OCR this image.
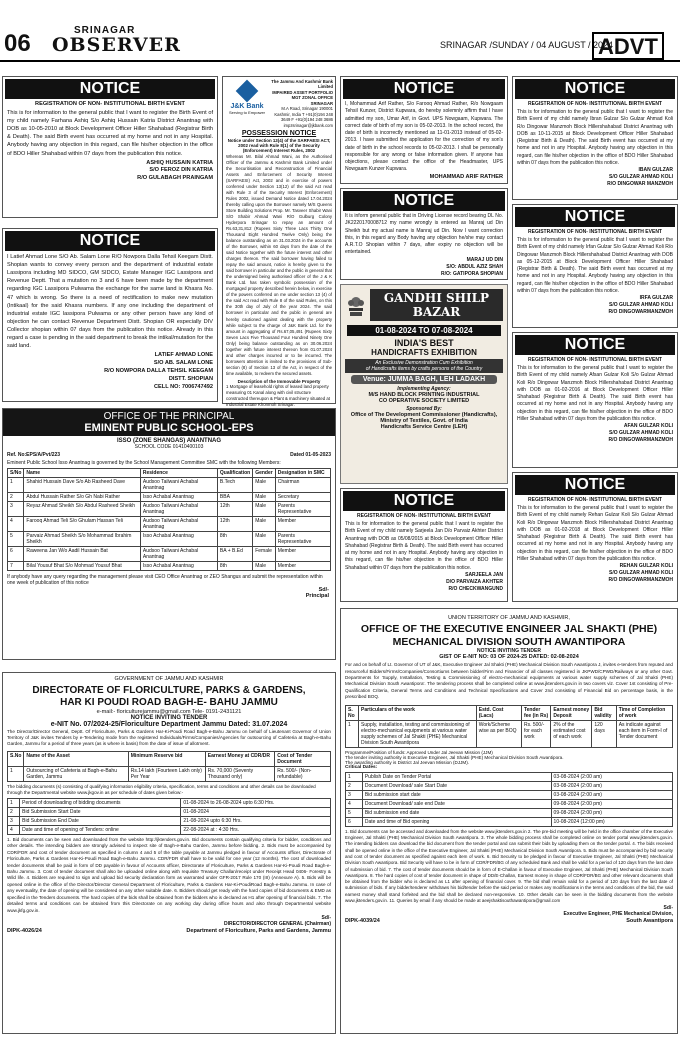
06	SRINAGAR
OBSERVER	SRINAGAR /SUNDAY / 04 AUGUST / 2024
ADVT
NOTICE
REGISTRATION OF NON- INSTITUTIONAL BIRTH EVENT
This is for information to the general public that I want to register the Birth Event of my child namely Farhana Ashiq S/o Ashiq Hussain Katria District Anantnag with DOB as 10-05-2010 at Block Development Officer Hiller Shahabad (Registrar Birth & Death). The said Birth event has occurred at my home and not in any Hospital. Anybody having any objection in this regard, can file his/her objection in the office of BDO Hiller Shahabad within 07 days from the publication this notice.
ASHIQ HUSSAIN KATRIA
S/O FEROZ DIN KATRIA
R/O GULABAGH PRAINGAM
NOTICE
I Latief Ahmad Lone S/O Ab. Salam Lone R/O Nowpora Dalla Tehsil Keegam Distt. Shopian wants to convey every person and the department of industrial estate Lassipora including MD SIDCO, GM SIDCO, Estate Manager IGC Lassipora and Revenue Deptt. That a mutation no 3 and 6 have been made by the department regarding IGC Lassipora Pulwama the exchange for the same land is Khasra No. 47 which is wrong. So there is a need of rectification to make new mutation (Intikaal) for the said Khasra numbers. If any one including the department of industrial estate IGC lassipora Pulwama or any other person have any kind of objection he can contact Revenue Department Distt. Shopian OR especially DIV Collector shopian within 07 days from the publication this notice. Already in this regard a case is pending in the said department to break the intikal/mutation for the said land.
LATIEF AHMAD LONE
S/O AB. SALAM LONE
R/O NOWPORA DALLA TEHSIL KEEGAM
DISTT. SHOPIAN
CELL NO: 7006747492
J&K Bank
Serving to Empower
The Jammu And Kashmir Bank Limited
IMPAIRED ASSET PORTFOLIO MGT ZONAL OFFICE SRINAGAR
M.A Road, Srinagar 190001 Kashmir, India T +91(0)194 248 3649 F +91(0)194 248 3686 impzsrinagar@jkbank.com
POSSESSION NOTICE
Notice under Section 13(4) of the SARFAESI ACT, 2002 read with Rule 8(1) of the Security (Enforcement) Interest Rules, 2002
Whereas Mr. Bilal Ahmad Wani, as the Authorised Officer of the Jammu & Kashmir Bank Limited under the Securitisation and Reconstruction of Financial Assets and Enforcement of Security Interest (SARFAESI) Act, 2002 and in exercise of powers conferred under Section 13(12) of the said Act read with Rule 3 of the Security Interest (Enforcement) Rules 2002, issued Demand Notice dated 17.04.2024 thereby calling upon the Borrower namely M/S Queens Store Building Solutions Prop. Mr. Tasveer Shabir Wani S/O Shabir Ahmad Wani R/O Gulburg Colony Hyderpora Srinagar to repay an amount of Rs.63,31,812 (Rupees Sixty Three Lacs Thirty One Thousand Eight Hundred Twelve Only) being the balance outstanding as on 31.03.2024 in the accounts of the Borrower, within 60 days from the date of the said Notice together with the future interest and other charges thereon. The said borrower having failed to repay the said amount, notice is hereby given to the said borrower in particular and the public in general that the undersigned being authorised officer of the J & K Bank Ltd. has taken symbolic possession of the mortgaged property described herein below, in exercise of the powers conferred on me under section 13 (4) of the said Act read with Rule 8 of the said Rules, on this the 30th day of July of the year 2024. The said borrower in particular and the public in general are hereby cautioned against dealing with the property while subject to the charge of J&K Bank Ltd. for the amount in aggregating of Rs.67,05,491 (Rupees Sixty Seven Lacs Five Thousand Four Hundred Ninety One Only) being balance outstanding as on 30.06.2024 together with future interest thereon from 01.07.2024 and other charges incurred or to be incurred. The borrowers attention is invited to the provisions of Sub-section (8) of Section 13 of the Act, in respect of the time available, to redeem the secured assets.
Description of the Immovable Property
1 Mortgage of leasehold rights of leased land property measuring 01 Kanal along with civil structure constructed thereupon & Plant & machinery situated at Industrial Estate Khonmoh Srinagar.
OFFICE OF THE PRINCIPAL
EMINENT PUBLIC SCHOOL-EPS
ISSO (ZONE SHANGAS) ANANTNAG
SCHOOL CODE 01410400103
Ref. No:EPS/A/Pvt/223	Dated 01-05-2023
Eminent Public School Isso Anantnag is governed by the School Management Committee SMC with the following Members:
S/No	Name	Residence	Qualification	Gender	Designation in SMC
1	Shahid Hussain Dave S/o Ab Rasheed Dave	Audsoo Tailwani Achabal Anantnag	B.Tech	Male	Chairman
2	Abdul Hussain Rather S/o Gh Nabi Rather	Isso Achabal Anantnag	BBA	Male	Secretary
3	Reyaz Ahmad Sheikh S/o Abdul Rasheed Sheikh	Audsoo Tailwani Achabal Anantnag	12th	Male	Parents Representative
4	Farooq Ahmad Teli S/o Ghulam Hassan Teli	Audsoo Tailwani Achabal Anantnag	12th	Male	Member
5	Parvaiz Ahmad Sheikh S/o Mohammad Ibrahim Sheikh	Isso Achabal Anantnag	8th	Male	Parents Representative
6	Raweena Jan W/o Aadil Hussain Bat	Audsoo Tailwani Achabal Anantnag	BA + B.Ed	Female	Member
7	Bilal Yousuf Bhat S/o Mohmad Yousuf Bhat	Isso Achabal Anantnag	8th	Male	Member
If anybody have any query regarding the management please visit CEO Office Anantnag or ZEO Shangus and submit the representation within one week of publication of this notice
Sd/-
Principal
GOVERNMENT OF JAMMU AND KASHMIR
DIRECTORATE OF FLORICULTURE, PARKS & GARDENS,
HAR KI POUDI ROAD BAGH-E- BAHU JAMMU
e-mail:- floriculturejammu@gmail.com Tele- 0191-2431121
NOTICE INVITING TENDER
e-NIT No. 07/2024-25/Floriculture Department Jammu Dated: 31.07.2024
The Director/Director General, Deptt. Of Floriculture, Parks & Gardens Har-Ki-Poudi Road Bagh-e-Bahu Jammu on behalf of Lieutenant Governor of Union Territory of J&K invites Tenders by e-Tendering mode from the registered Individuals/Firms/Companies/Agencies for outsourcing of Cafeteria at Bagh-e-Bahu Garden, Jammu for a period of three years (as is where is basis) from the date of issue of allotment.
S.No	Name of the Asset	Minimum Reserve bid	Earnest Money at CDR/DR	Cost of Tender Document
1	Outsourcing of Cafeteria at Bagh-e-Bahu Garden, Jammu	Rs.14 lakh (Fourteen Lakh only) Per Year	Rs. 70,000 (Seventy Thousand only)	Rs. 500/- (Non-refundable)
The bidding documents (s) consisting of qualifying information eligibility criteria, specification, terms and conditions and other details can be downloaded through the Departmental website www.jkgov.in as per schedule of dates given below:-
1	Period of downloading of bidding documents	01-08-2024 to 26-08-2024 upto 6:30 Hrs.
2	Bid Submission Start Date	01-08-2024
3	Bid Submission End Date	21-08-2024 upto 6:30 Hrs.
4	Date and time of opening of Tenders: online	22-08-2024 at : 4:30 Hrs.
1. Bid documents can be seen and downloaded from the website http://jktenders.gov.in. Bid documents contain qualifying criteria for bidder, conditions and other details. The intending bidders are strongly advised to inspect site of Bagh-e-Bahu Garden, Jammu before bidding. 2. Bids must be accompanied by CDR/FDR and cost of tender document as specified in column 4 and 5 of the table payable at Jammu pledged in favour of Accounts officer, Directorate of Floriculture, Parks & Gardens Har-Ki-Poudi Road Bagh-e-Bahu Jammu. CDR/FDR shall have to be valid for one year (12 months). The cost of downloaded tender documents shall be paid in form of DD payable in favour of Accounts officer, Directorate of Floriculture, Parks & Gardens Har-Ki-Poudi Road Bagh-e-Bahu Jammu. 3. Cost of tender document shall also be uploaded online along with requisite Treasury Challan/receipt under Receipt Head 0406- Forestry & Wild life. 4. Bidders are required to sign and upload bid security declaration form as warranted under GFR-2017 Rule 170 (III) (Annexure A). 5. Bids will be opened online in the office of the Director/Director General Department of Floriculture, Parks & Gardens Har-Ki-PoudiRoad Bagh-e-Bahu Jammu. In case of any eventuality, the date of opening will be considered on any other suitable date. 6. Bidders should get ready with the hard copies of bid documents & EMD as specified in the Tenders documents. The hard copies of the bids shall be obtained from the bidders who is declared as H1 after opening of financial bids. 7. The detailed terms and conditions can be obtained from this Directorate on any working day during office hours and also through Departmental website www.jkfg.gov.in.
Sd/-
DIRECTOR/DIRECTOR GENERAL (Chairman)
DIPK-4026/24	Department of Floriculture, Parks and Gardens, Jammu
NOTICE
I, Mohammad Arif Rather, S/o Farooq Ahmad Rather, R/o Nowgaam Tehsil Kunzer, District Kupwara, do hereby solemnly affirm that I have admitted my son, Umar Arif, in Govt. UPS Nowgaam, Kupwara. The correct date of birth of my son is 05-02-2013. In the school record, the date of birth is incorrectly mentioned as 11-01-2013 instead of 05-02-2013. I have submitted the application for the correction of my son's date of birth in the school records to 05-02-2013. I shall be personally responsible for any wrong or false information given. If anyone has objections, please contact the office of the Headmaster, UPS Nowgaam Kunzer Kupwara.
MOHAMMAD ARIF RATHER
NOTICE
It is inform general public that in Driving License record bearing DL No. JK2220170008712 my name wrongly is entered as Manraj ud Din Sheikh but my actual name is Manraj ud Din. Now I want correction this, in this regard any Body having any objection he/she may contact A.R.T.O Shopian within 7 days, after expiry no objection will be entertained.
MARAJ UD DIN
S/O: ABDUL AZIZ SHAH
R/O: GATIPORA SHOPIAN
GANDHI SHILP
BAZAR
01-08-2024 TO 07-08-2024
INDIA'S BEST
HANDICRAFTS EXHIBITION
An Exclusive Demonstration Cum Exhibition
of Handicrafts items by crafts persons of the Country
Venue: JUMMA BAGH, LEH LADAKH
Implementing Agency:
M/S HAND BLOCK PRINTING INDUSTRIAL
CO OPERATIVE SOCIETY LIMITED
Sponsored By:
Office of The Development Commissioner (Handicrafts),
Ministry of Textiles, Govt. of India
Handicrafts Service Centre (LEH)
NOTICE
REGISTRATION OF NON- INSTITUTIONAL BIRTH EVENT
This is for information to the general public that I want to register the Birth Event of my child namely Sarjeela Jan D/o Parvaiz Akhter District Anantnag with DOB as 05/08/2015 at Block Development Officer Hiller Shahabad (Registrar Birth & Death). The said Birth event has occurred at my home and not in any Hospital. Anybody having any objection in this regard, can file his/her objection in the office of BDO Hiller Shahabad within 07 days from the publication this notice.
SARJEELA JAN
D/O PARVAIZA AKHTER
R/O CHECKWANGUND
NOTICE
REGISTRATION OF NON- INSTITUTIONAL BIRTH EVENT
This is for information to the general public that I want to register the Birth Event of my child namely Ibran Gulzar S/o Gulzar Ahmad Koli R/o Dingowar Manzmoh Block Hillershahabad District Anantnag with DOB as 10-11-2015 at Block Development Officer Hiller Shahabad (Registrar Birth & Death). The said Birth event has occurred at my home and not in any Hospital. Anybody having any objection in this regard, can file his/her objection in the office of BDO Hiller Shahabad within 07 days from the publication this notice.
IBAN GULZAR
S/O GULZAR AHMAD KOLI
R/O DINGOWAR MANZMOH
NOTICE
REGISTRATION OF NON- INSTITUTIONAL BIRTH EVENT
This is for information to the general public that I want to register the Birth Event of my child namely Irfan Gulzar S/o Gulzar Ahmad Koli R/o Dingowar Manzmoh Block Hillershahabad District Anantnag with DOB as 05-12-2015 at Block Development Officer Hiller Shahabad (Registrar Birth & Death). The said Birth event has occurred at my home and not in any Hospital. Anybody having any objection in this regard, can file his/her objection in the office of BDO Hiller Shahabad within 07 days from the publication this notice.
IRFA GULZAR
S/O GULZAR AHMAD KOLI
R/O DINGOWARMANZMOH
NOTICE
REGISTRATION OF NON- INSTITUTIONAL BIRTH EVENT
This is for information to the general public that I want to register the Birth Event of my child namely Afsan Gulzar Koli S/o Gulzar Ahmad Koli R/o Dingowar Manzmoh Block Hillershahabad District Anantnag with DOB as 01-02-2016 at Block Development Officer Hiller Shahabad (Registrar Birth & Death). The said Birth event has occurred at my home and not in any Hospital. Anybody having any objection in this regard, can file his/her objection in the office of BDO Hiller Shahabad within 07 days from the publication this notice.
AFAN GULZAR KOLI
S/O GULZAR AHMAD KOLI
R/O DINGOWARMANZMOH
NOTICE
REGISTRATION OF NON- INSTITUTIONAL BIRTH EVENT
This is for information to the general public that I want to register the Birth Event of my child namely Rehan Gulzar Koli S/o Gulzar Ahmad Koli R/o Dingowar Manzmoh Block Hillershahabad District Anantnag with DOB as 01-02-2018 at Block Development Officer Hiller Shahabad (Registrar Birth & Death). The said Birth event has occurred at my home and not in any Hospital. Anybody having any objection in this regard, can file his/her objection in the office of BDO Hiller Shahabad within 07 days from the publication this notice.
REHAN GULZAR KOLI
S/O GULZAR AHMAD KOLI
R/O DINGOWARMANZMOH
UNION TERRITORY OF JAMMU AND KASHMIR,
OFFICE OF THE EXECUTIVE ENGINEER JAL SHAKTI (PHE)
MECHANICAL DIVISION SOUTH AWANTIPORA
NOTICE INVITING TENDER
GIST OF E-NIT NO: 03 OF 2024-25 DATED: 02-08-2024
For and on behalf of Lt. Governor of UT of J&K, Executive Engineer Jal Shakti (PHE) Mechanical Division South Awantipora J, invites e-tenders from reputed and resourceful Bidders/Firms/Companies/Consortiums between bidder/Firm and Financier of all classes registered in JKPWD/CPWD/Railways or any other Govt. Departments for 'Supply, Installation, Testing & Commissioning of electro-mechanical equipments at various water supply schemes of Jal Shakti (PHE) Mechanical Division South Awantipora'. The tendering process shall be completed online at www.jktenders.gov.in in two covers viz. Cover 1st consisting of Pre-Qualification Criteria, General Terms and Conditions and Technical Specifications and Cover 2nd consisting of Financial Bid on percentage basis, in the prescribed BOQ.
S. No	Particulars of the work	Estd. Cost (Lacs)	Tender fee (in Rs)	Earnest money Deposit	Bid validity	Time of Completion of work
1	Supply, installation, testing and commissioning of electro-mechanical equipments at various water supply schemes of Jal Shakti (PHE) Mechanical Division South Awantipora	Work/Scheme wise as per BOQ	Rs. 500/- for each work	2% of the estimated cost of each work	120 days	As indicate against each item in Form-I of Tender document
Programme/Position of funds: Approved Under Jal Jeevan Mission (JJM)
The tender inviting authority is Executive Engineer, Jal Shakti (PHE) Mechanical Division South Awantipora.
The awarding authority is District Jal Jeevan Mission (DJJM).
Critical Dates:
1	Publish Date on Tender Portal	03-08-2024 (2:00 am)
2	Document Download/ sale Start Date	03-08-2024 (2:00 am)
3	Bid submission start date	03-08-2024 (2:00 am)
4	Document Download/ sale end Date	09-08-2024 (2:00 pm)
5	Bid submission end date	09-08-2024 (2:00 pm)
6	Date and time of Bid opening	10-08-2024 (12:00 pm)
1. Bid documents can be accessed and downloaded from the website www.jktenders.gov.in 2. The pre-bid meeting will be held in the office chamber of the Executive Engineer, Jal Shakti (PHE) Mechanical Division South Awantipora. 3. The whole bidding process shall be completed online on tender portal www.jktenders.gov.in. The intending bidders can download the bid document from the tender portal and can submit their bids by uploading them on the tender portal. 4. The bids received shall be opened online in the office of the Executive Engineer, Jal Shakti (PHE) Mechanical Division South Awantipora. 5. Bids must be accompanied by bid security and cost of tender document as specified against each item of work. 6. Bid Security to be pledged in favour of Executive Engineer, Jal Shakti (PHE) Mechanical Division South Awantipora. Bid Security will have to be in form of CDR/FDR/BG of any scheduled Bank and shall be valid for a period of 120 days from the last date of submission of bid. 7. The cost of tender documents should be in form of E-Challan in favour of Executive Engineer, Jal Shakti (PHE) Mechanical Division South Awantipora. 8. The hard copies of cost of tender document in shape of DD/E-Challan, Earnest money in shape of CDR/FDR/BG and other relevant documents shall be obtained from the bidder who is declared as L1 after opening of financial cover. 9. The bid shall remain valid for a period of 120 days from the last date of submission of bids. If any bidder/tenderer withdraws his bid/tender before the said period or makes any modifications in the terms and conditions of the bid, the said earnest money shall stand forfeited and the bid shall be declared non-responsive. 10. Other details can be seen in the bidding documents from the website www.jktenders.gov.in. 11. Queries by email if any should be made at aeejshaktisouthawantipora@gmail.com
Sd/-
Executive Engineer, PHE Mechanical Division,
DIPK-4039/24	South Awantipora
